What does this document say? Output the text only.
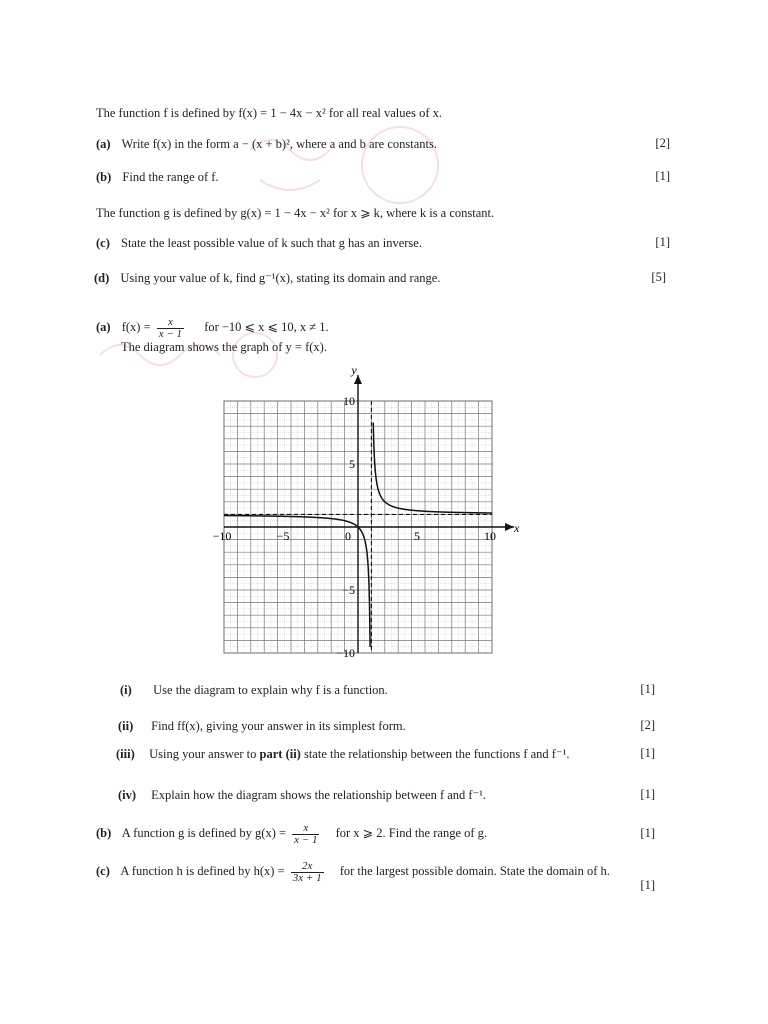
The function f is defined by f(x) = 1 − 4x − x² for all real values of x.
(a) Write f(x) in the form a − (x + b)², where a and b are constants.	[2]
(b) Find the range of f.	[1]
The function g is defined by g(x) = 1 − 4x − x² for x ⩾ k, where k is a constant.
(c) State the least possible value of k such that g has an inverse.	[1]
(d) Using your value of k, find g⁻¹(x), stating its domain and range.	[5]
(a) $f(x) = \frac{x}{x - 1}$ for −10 ⩽ x ⩽ 10, x ≠ 1.
The diagram shows the graph of y = f(x).
x
y
−10	−5	0	5	10
10
5
−5
−10
(i) Use the diagram to explain why f is a function.	[1]
(ii) Find ff(x), giving your answer in its simplest form.	[2]
(iii) Using your answer to part (ii) state the relationship between the functions f and f⁻¹.	[1]
(iv) Explain how the diagram shows the relationship between f and f⁻¹.	[1]
(b) A function g is defined by $g(x) = \frac{x}{x - 1}$ for x ⩾ 2. Find the range of g.	[1]
(c) A function h is defined by $h(x) = \frac{2x}{3x + 1}$ for the largest possible domain. State the domain of h.
[1]
